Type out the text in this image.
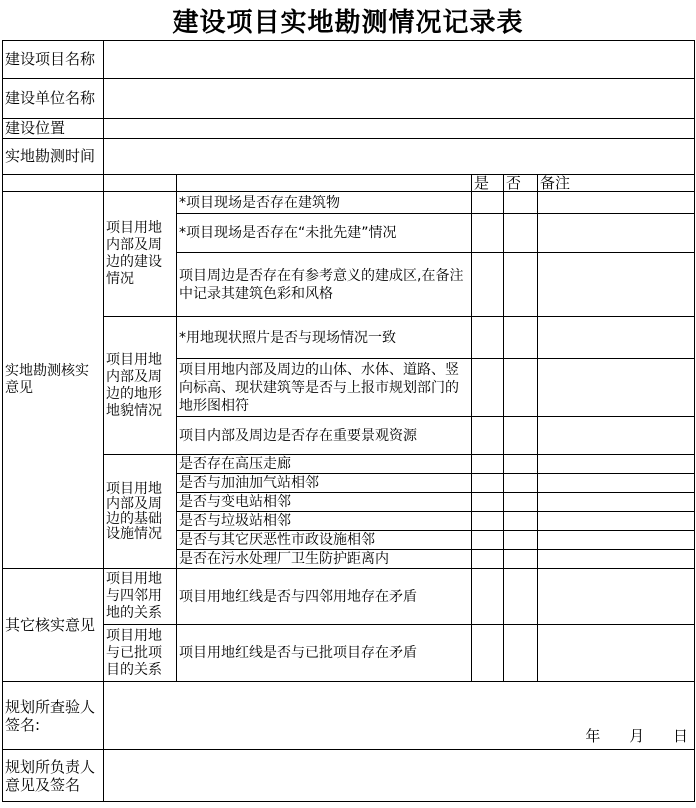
建设项目实地勘测情况记录表
建设项目名称					
建设单位名称					
建设位置					
实地勘测时间					
			是	否	备注
实地勘测核实意见	项目用地内部及周边的建设情况	*项目现场是否存在建筑物			
		*项目现场是否存在“未批先建”情况			
		项目周边是否存在有参考意义的建成区,在备注中记录其建筑色彩和风格			
	项目用地内部及周边的地形地貌情况	*用地现状照片是否与现场情况一致			
		项目用地内部及周边的山体、水体、道路、竖向标高、现状建筑等是否与上报市规划部门的地形图相符			
		项目内部及周边是否存在重要景观资源			
	项目用地内部及周边的基础设施情况	是否存在高压走廊			
		是否与加油加气站相邻			
		是否与变电站相邻			
		是否与垃圾站相邻			
		是否与其它厌恶性市政设施相邻			
		是否在污水处理厂卫生防护距离内			
其它核实意见	项目用地与四邻用地的关系	项目用地红线是否与四邻用地存在矛盾			
	项目用地与已批项目的关系	项目用地红线是否与已批项目存在矛盾			
规划所查验人签名:	年 月 日				

规划所负责人意见及签名					
